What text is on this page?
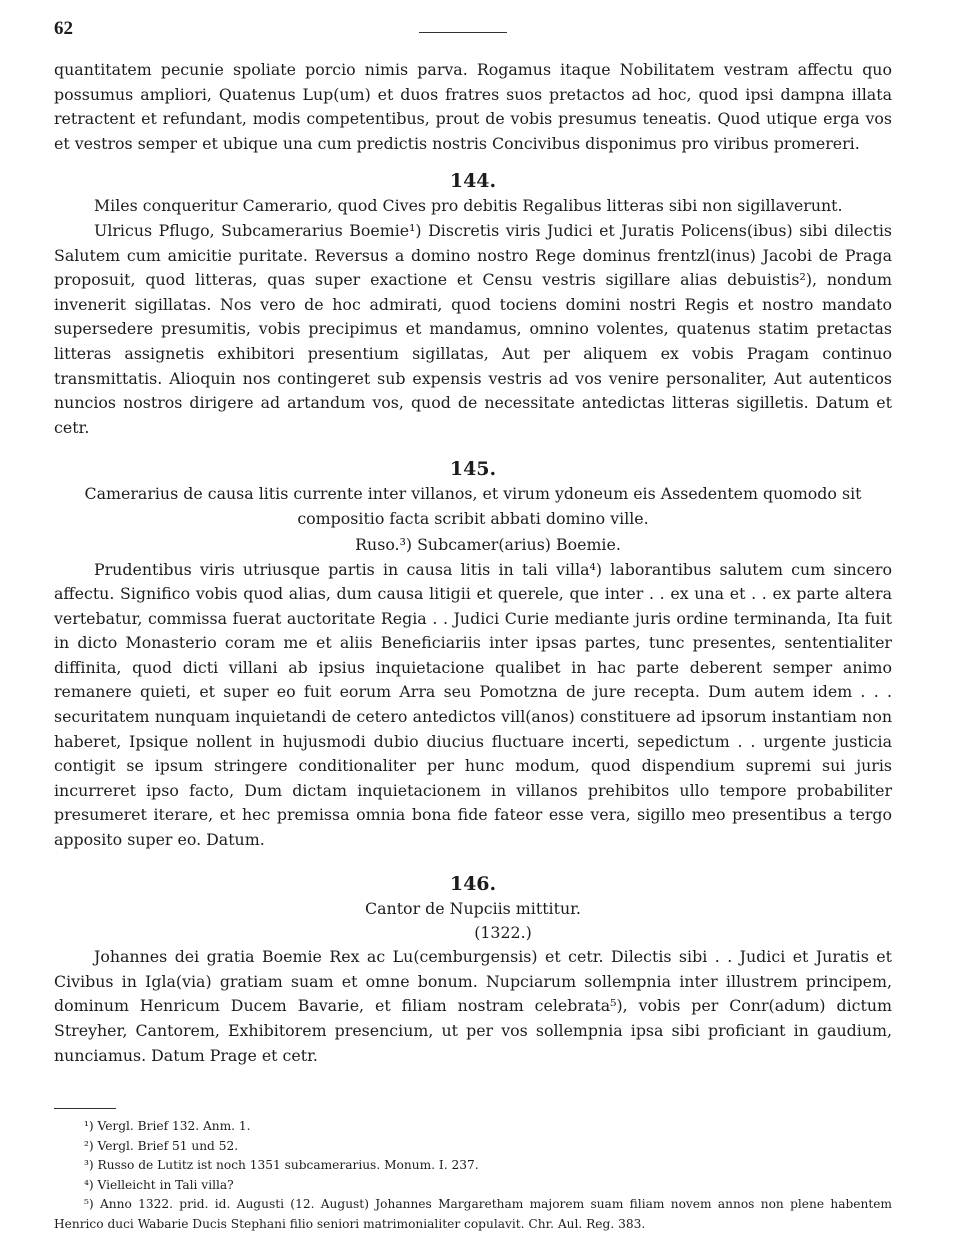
62

quantitatem pecunie spoliate porcio nimis parva. Rogamus itaque Nobilitatem vestram affectu quo possumus ampliori, Quatenus Lup(um) et duos fratres suos pretactos ad hoc, quod ipsi dampna illata retractent et refundant, modis competentibus, prout de vobis presumus teneatis. Quod utique erga vos et vestros semper et ubique una cum predictis nostris Concivibus disponimus pro viribus promereri.

144.

Miles conqueritur Camerario, quod Cives pro debitis Regalibus litteras sibi non sigillaverunt.

Ulricus Pflugo, Subcamerarius Boemie¹) Discretis viris Judici et Juratis Policens(ibus) sibi dilectis Salutem cum amicitie puritate. Reversus a domino nostro Rege dominus frentzl(inus) Jacobi de Praga proposuit, quod litteras, quas super exactione et Censu vestris sigillare alias debuistis²), nondum invenerit sigillatas. Nos vero de hoc admirati, quod tociens domini nostri Regis et nostro mandato supersedere presumitis, vobis precipimus et mandamus, omnino volentes, quatenus statim pretactas litteras assignetis exhibitori presentium sigillatas, Aut per aliquem ex vobis Pragam continuo transmittatis. Alioquin nos contingeret sub expensis vestris ad vos venire personaliter, Aut autenticos nuncios nostros dirigere ad artandum vos, quod de necessitate antedictas litteras sigilletis. Datum et cetr.

145.
Camerarius de causa litis currente inter villanos, et virum ydoneum eis Assedentem quomodo sit
compositio facta scribit abbati domino ville.
Ruso.³) Subcamer(arius) Boemie.

Prudentibus viris utriusque partis in causa litis in tali villa⁴) laborantibus salutem cum sincero affectu. Significo vobis quod alias, dum causa litigii et querele, que inter . . ex una et . . ex parte altera vertebatur, commissa fuerat auctoritate Regia . . Judici Curie mediante juris ordine terminanda, Ita fuit in dicto Monasterio coram me et aliis Beneficiariis inter ipsas partes, tunc presentes, sententialiter diffinita, quod dicti villani ab ipsius inquietacione qualibet in hac parte deberent semper animo remanere quieti, et super eo fuit eorum Arra seu Pomotzna de jure recepta. Dum autem idem . . . securitatem nunquam inquietandi de cetero antedictos vill(anos) constituere ad ipsorum instantiam non haberet, Ipsique nollent in hujusmodi dubio diucius fluctuare incerti, sepedictum . . urgente justicia contigit se ipsum stringere conditionaliter per hunc modum, quod dispendium supremi sui juris incurreret ipso facto, Dum dictam inquietacionem in villanos prehibitos ullo tempore probabiliter presumeret iterare, et hec premissa omnia bona fide fateor esse vera, sigillo meo presentibus a tergo apposito super eo. Datum.

146.
Cantor de Nupciis mittitur.
(1322.)

Johannes dei gratia Boemie Rex ac Lu(cemburgensis) et cetr. Dilectis sibi . . Judici et Juratis et Civibus in Igla(via) gratiam suam et omne bonum. Nupciarum sollempnia inter illustrem principem, dominum Henricum Ducem Bavarie, et filiam nostram celebrata⁵), vobis per Conr(adum) dictum Streyher, Cantorem, Exhibitorem presencium, ut per vos sollempnia ipsa sibi proficiant in gaudium, nunciamus. Datum Prage et cetr.

¹) Vergl. Brief 132. Anm. 1.
²) Vergl. Brief 51 und 52.
³) Russo de Lutitz ist noch 1351 subcamerarius. Monum. I. 237.
⁴) Vielleicht in Tali villa?
⁵) Anno 1322. prid. id. Augusti (12. August) Johannes Margaretham majorem suam filiam novem annos non plene habentem Henrico duci Wabarie Ducis Stephani filio seniori matrimonialiter copulavit. Chr. Aul. Reg. 383.
